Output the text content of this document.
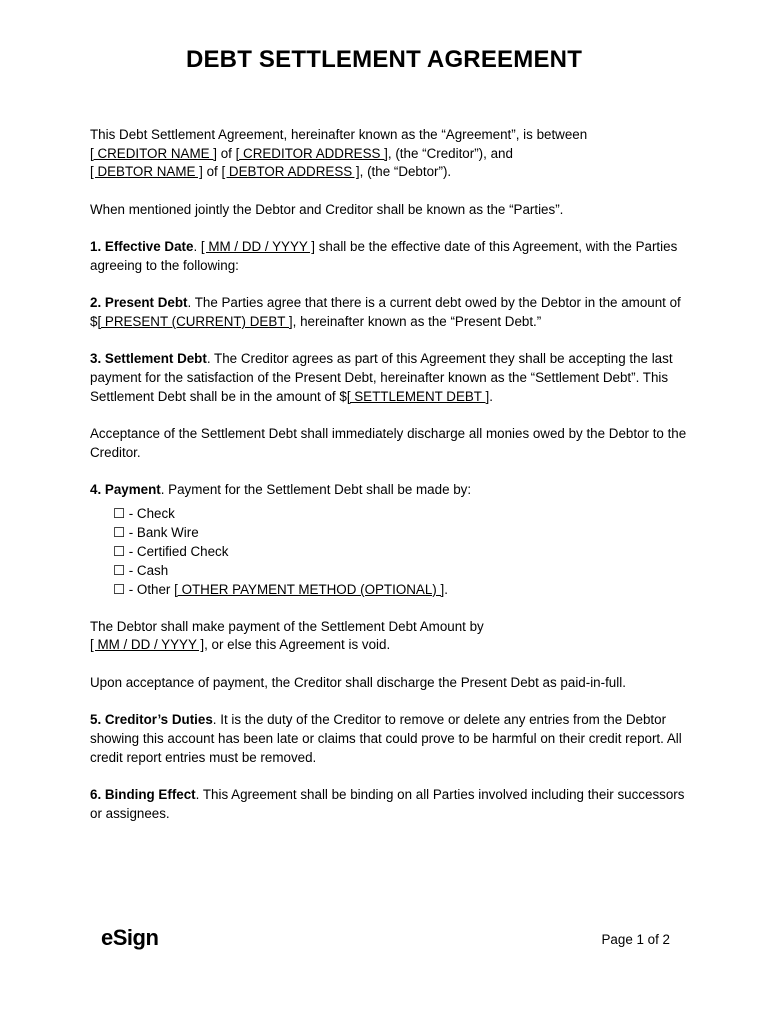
DEBT SETTLEMENT AGREEMENT

This Debt Settlement Agreement, hereinafter known as the “Agreement”, is between
[ CREDITOR NAME ] of [ CREDITOR ADDRESS ], (the “Creditor”), and
[ DEBTOR NAME ] of [ DEBTOR ADDRESS ], (the “Debtor”).

When mentioned jointly the Debtor and Creditor shall be known as the “Parties”.

1. Effective Date. [ MM / DD / YYYY ] shall be the effective date of this Agreement, with the Parties agreeing to the following:

2. Present Debt. The Parties agree that there is a current debt owed by the Debtor in the amount of $[ PRESENT (CURRENT) DEBT ], hereinafter known as the “Present Debt.”

3. Settlement Debt. The Creditor agrees as part of this Agreement they shall be accepting the last payment for the satisfaction of the Present Debt, hereinafter known as the “Settlement Debt”. This Settlement Debt shall be in the amount of $[ SETTLEMENT DEBT ].

Acceptance of the Settlement Debt shall immediately discharge all monies owed by the Debtor to the Creditor.

4. Payment. Payment for the Settlement Debt shall be made by:

☐ - Check
☐ - Bank Wire
☐ - Certified Check
☐ - Cash
☐ - Other [ OTHER PAYMENT METHOD (OPTIONAL) ].

The Debtor shall make payment of the Settlement Debt Amount by
[ MM / DD / YYYY ], or else this Agreement is void.

Upon acceptance of payment, the Creditor shall discharge the Present Debt as paid-in-full.

5. Creditor’s Duties. It is the duty of the Creditor to remove or delete any entries from the Debtor showing this account has been late or claims that could prove to be harmful on their credit report. All credit report entries must be removed.

6. Binding Effect. This Agreement shall be binding on all Parties involved including their successors or assignees.

eSign	Page 1 of 2
